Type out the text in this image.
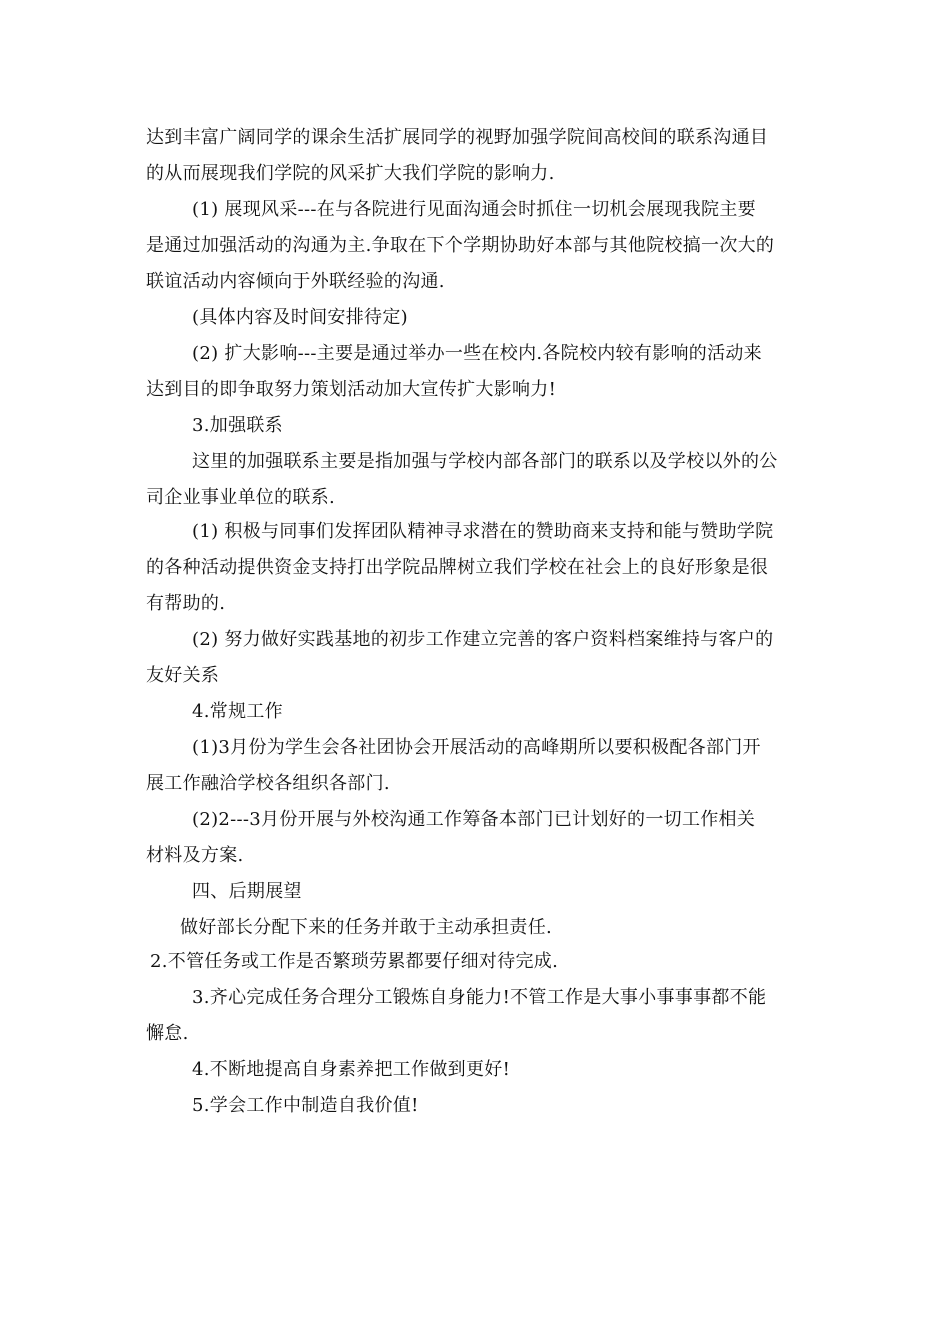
达到丰富广阔同学的课余生活扩展同学的视野加强学院间高校间的联系沟通目
的从而展现我们学院的风采扩大我们学院的影响力.
(1) 展现风采---在与各院进行见面沟通会时抓住一切机会展现我院主要
是通过加强活动的沟通为主.争取在下个学期协助好本部与其他院校搞一次大的
联谊活动内容倾向于外联经验的沟通.
(具体内容及时间安排待定)
(2) 扩大影响---主要是通过举办一些在校内.各院校内较有影响的活动来
达到目的即争取努力策划活动加大宣传扩大影响力!
3.加强联系
这里的加强联系主要是指加强与学校内部各部门的联系以及学校以外的公
司企业事业单位的联系.
(1) 积极与同事们发挥团队精神寻求潜在的赞助商来支持和能与赞助学院
的各种活动提供资金支持打出学院品牌树立我们学校在社会上的良好形象是很
有帮助的.
(2) 努力做好实践基地的初步工作建立完善的客户资料档案维持与客户的
友好关系
4.常规工作
(1)3月份为学生会各社团协会开展活动的高峰期所以要积极配各部门开
展工作融洽学校各组织各部门.
(2)2---3月份开展与外校沟通工作筹备本部门已计划好的一切工作相关
材料及方案.
四、后期展望
做好部长分配下来的任务并敢于主动承担责任.
2.不管任务或工作是否繁琐劳累都要仔细对待完成.
3.齐心完成任务合理分工锻炼自身能力!不管工作是大事小事事事都不能
懈怠.
4.不断地提高自身素养把工作做到更好!
5.学会工作中制造自我价值!
